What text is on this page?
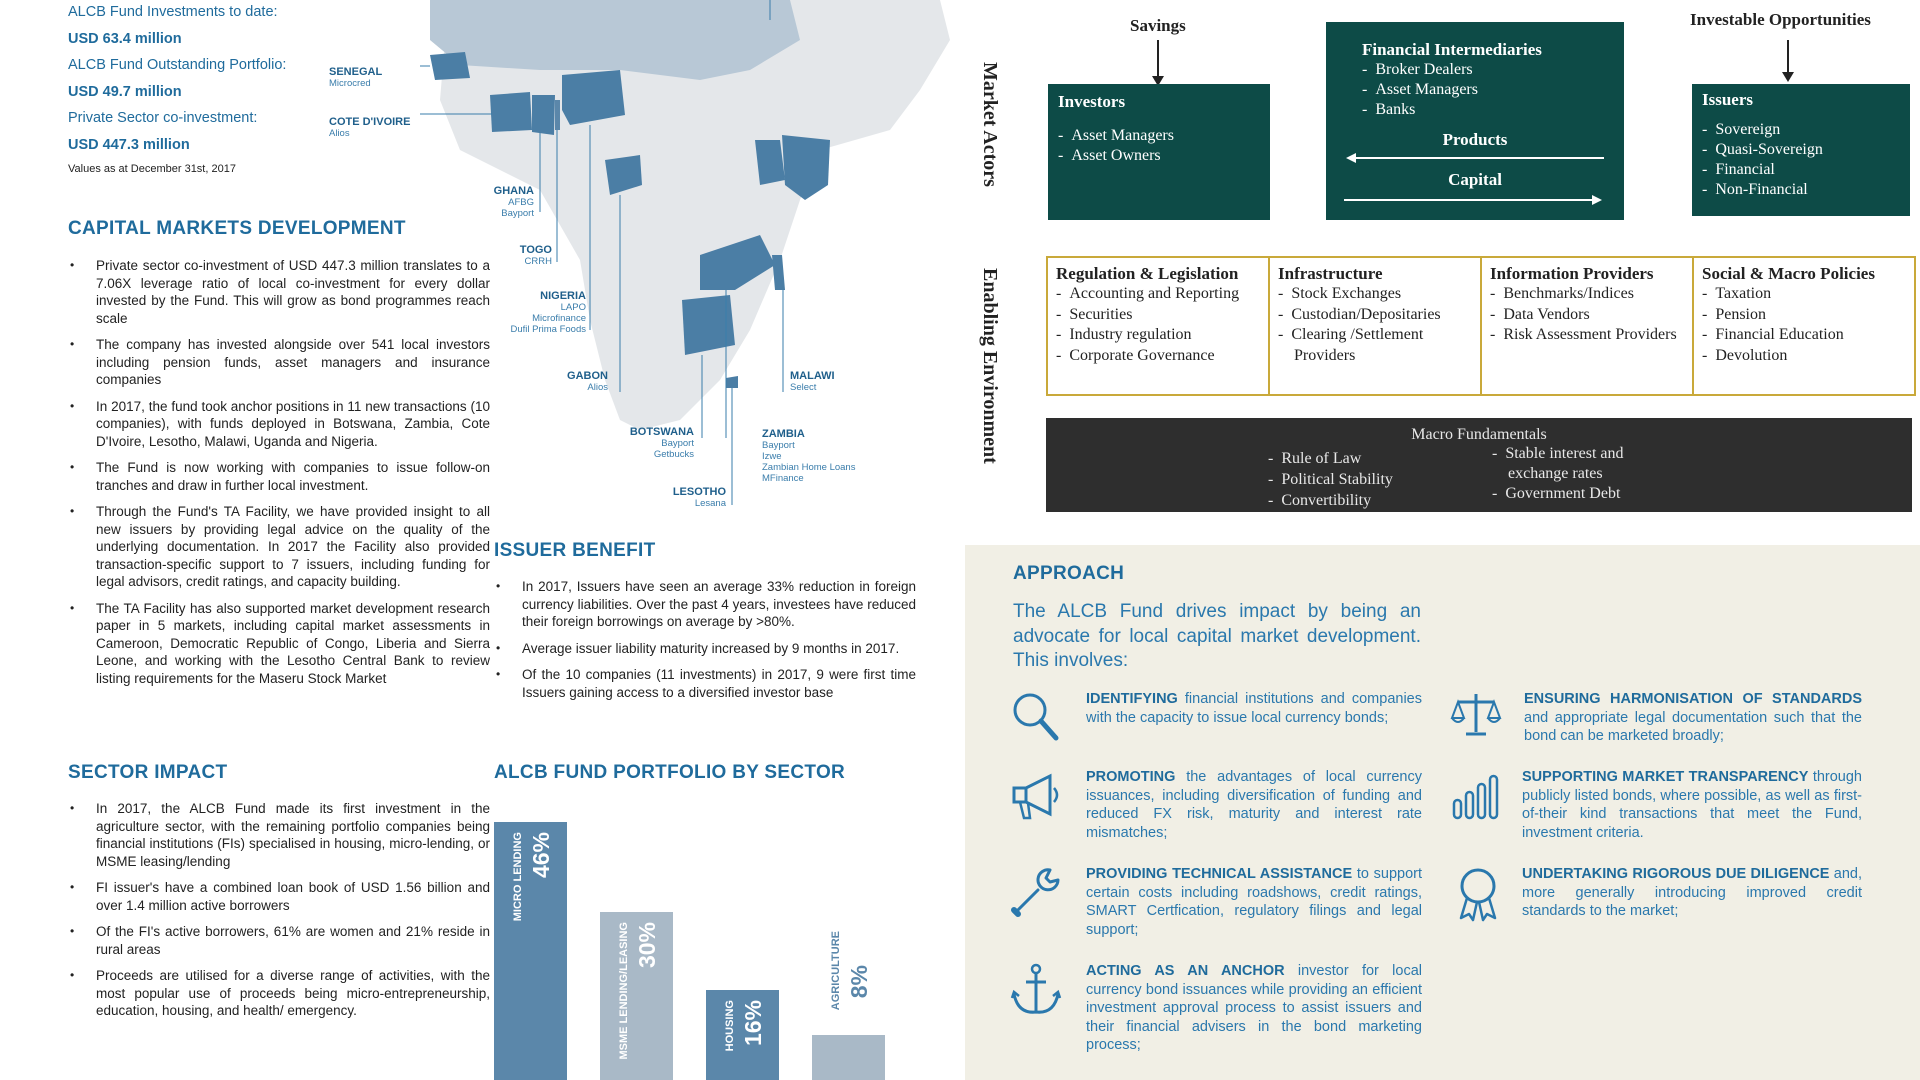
ALCB Fund Investments to date:
USD 63.4 million
ALCB Fund Outstanding Portfolio:
USD 49.7 million
Private Sector co-investment:
USD 447.3 million
Values as at December 31st, 2017
CAPITAL MARKETS DEVELOPMENT
• Private sector co-investment of USD 447.3 million translates to a 7.06X leverage ratio of local co-investment for every dollar invested by the Fund. This will grow as bond programmes reach scale
• The company has invested alongside over 541 local investors including pension funds, asset managers and insurance companies
• In 2017, the fund took anchor positions in 11 new transactions (10 companies), with funds deployed in Botswana, Zambia, Cote D'Ivoire, Lesotho, Malawi, Uganda and Nigeria.
• The Fund is now working with companies to issue follow-on tranches and draw in further local investment.
• Through the Fund's TA Facility, we have provided insight to all new issuers by providing legal advice on the quality of the underlying documentation. In 2017 the Facility also provided transaction-specific support to 7 issuers, including funding for legal advisors, credit ratings, and capacity building.
• The TA Facility has also supported market development research paper in 5 markets, including capital market assessments in Cameroon, Democratic Republic of Congo, Liberia and Sierra Leone, and working with the Lesotho Central Bank to review listing requirements for the Maseru Stock Market
SECTOR IMPACT
• In 2017, the ALCB Fund made its first investment in the agriculture sector, with the remaining portfolio companies being financial institutions (FIs) specialised in housing, micro-lending, or MSME leasing/lending
• FI issuer's have a combined loan book of USD 1.56 billion and over 1.4 million active borrowers
• Of the FI's active borrowers, 61% are women and 21% reside in rural areas
• Proceeds are utilised for a diverse range of activities, with the most popular use of proceeds being micro-entrepreneurship, education, housing, and health/ emergency.
SENEGAL
Microcred
COTE D'IVOIRE
Alios
GHANA
AFBG
Bayport
TOGO
CRRH
NIGERIA
LAPO
Microfinance
Dufil Prima Foods
GABON
Alios
MALAWI
Select
BOTSWANA
Bayport
Getbucks
ZAMBIA
Bayport
Izwe
Zambian Home Loans
MFinance
LESOTHO
Lesana
ISSUER BENEFIT
• In 2017, Issuers have seen an average 33% reduction in foreign currency liabilities. Over the past 4 years, investees have reduced their foreign borrowings on average by >80%.
• Average issuer liability maturity increased by 9 months in 2017.
• Of the 10 companies (11 investments) in 2017, 9 were first time Issuers gaining access to a diversified investor base
ALCB FUND PORTFOLIO BY SECTOR
46%
MICRO LENDING
30%
MSME LENDING/LEASING	16%
HOUSING
8%
AGRICULTURE
Market Actors
Enabling Environment
Savings	Investable Opportunities
Investors
-  Asset Managers
-  Asset Owners
Financial Intermediaries
-  Broker Dealers
-  Asset Managers
-  Banks
Products
Capital
Issuers
-  Sovereign
-  Quasi-Sovereign
-  Financial
-  Non-Financial
Regulation & Legislation
-  Accounting and Reporting
-  Securities
-  Industry regulation
-  Corporate Governance
Infrastructure
-  Stock Exchanges
-  Custodian/Depositaries
-  Clearing /Settlement Providers
Information Providers
-  Benchmarks/Indices
-  Data Vendors
-  Risk Assessment Providers
Social & Macro Policies
-  Taxation
-  Pension
-  Financial Education
-  Devolution
Macro Fundamentals
-  Rule of Law
-  Political Stability
-  Convertibility
-  Stable interest and exchange rates
-  Government Debt
APPROACH
The ALCB Fund drives impact by being an advocate for local capital market development. This involves:
IDENTIFYING financial institutions and companies with the capacity to issue local currency bonds;
ENSURING HARMONISATION OF STANDARDS and appropriate legal documentation such that the bond can be marketed broadly;
PROMOTING the advantages of local currency issuances, including diversification of funding and reduced FX risk, maturity and interest rate mismatches;
SUPPORTING MARKET TRANSPARENCY through publicly listed bonds, where possible, as well as first-of-their kind transactions that meet the Fund, investment criteria.
PROVIDING TECHNICAL ASSISTANCE to support certain costs including roadshows, credit ratings, SMART Certfication, regulatory filings and legal support;
UNDERTAKING RIGOROUS DUE DILIGENCE and, more generally introducing improved credit standards to the market;
ACTING AS AN ANCHOR investor for local currency bond issuances while providing an efficient investment approval process to assist issuers and their financial advisers in the bond marketing process;
